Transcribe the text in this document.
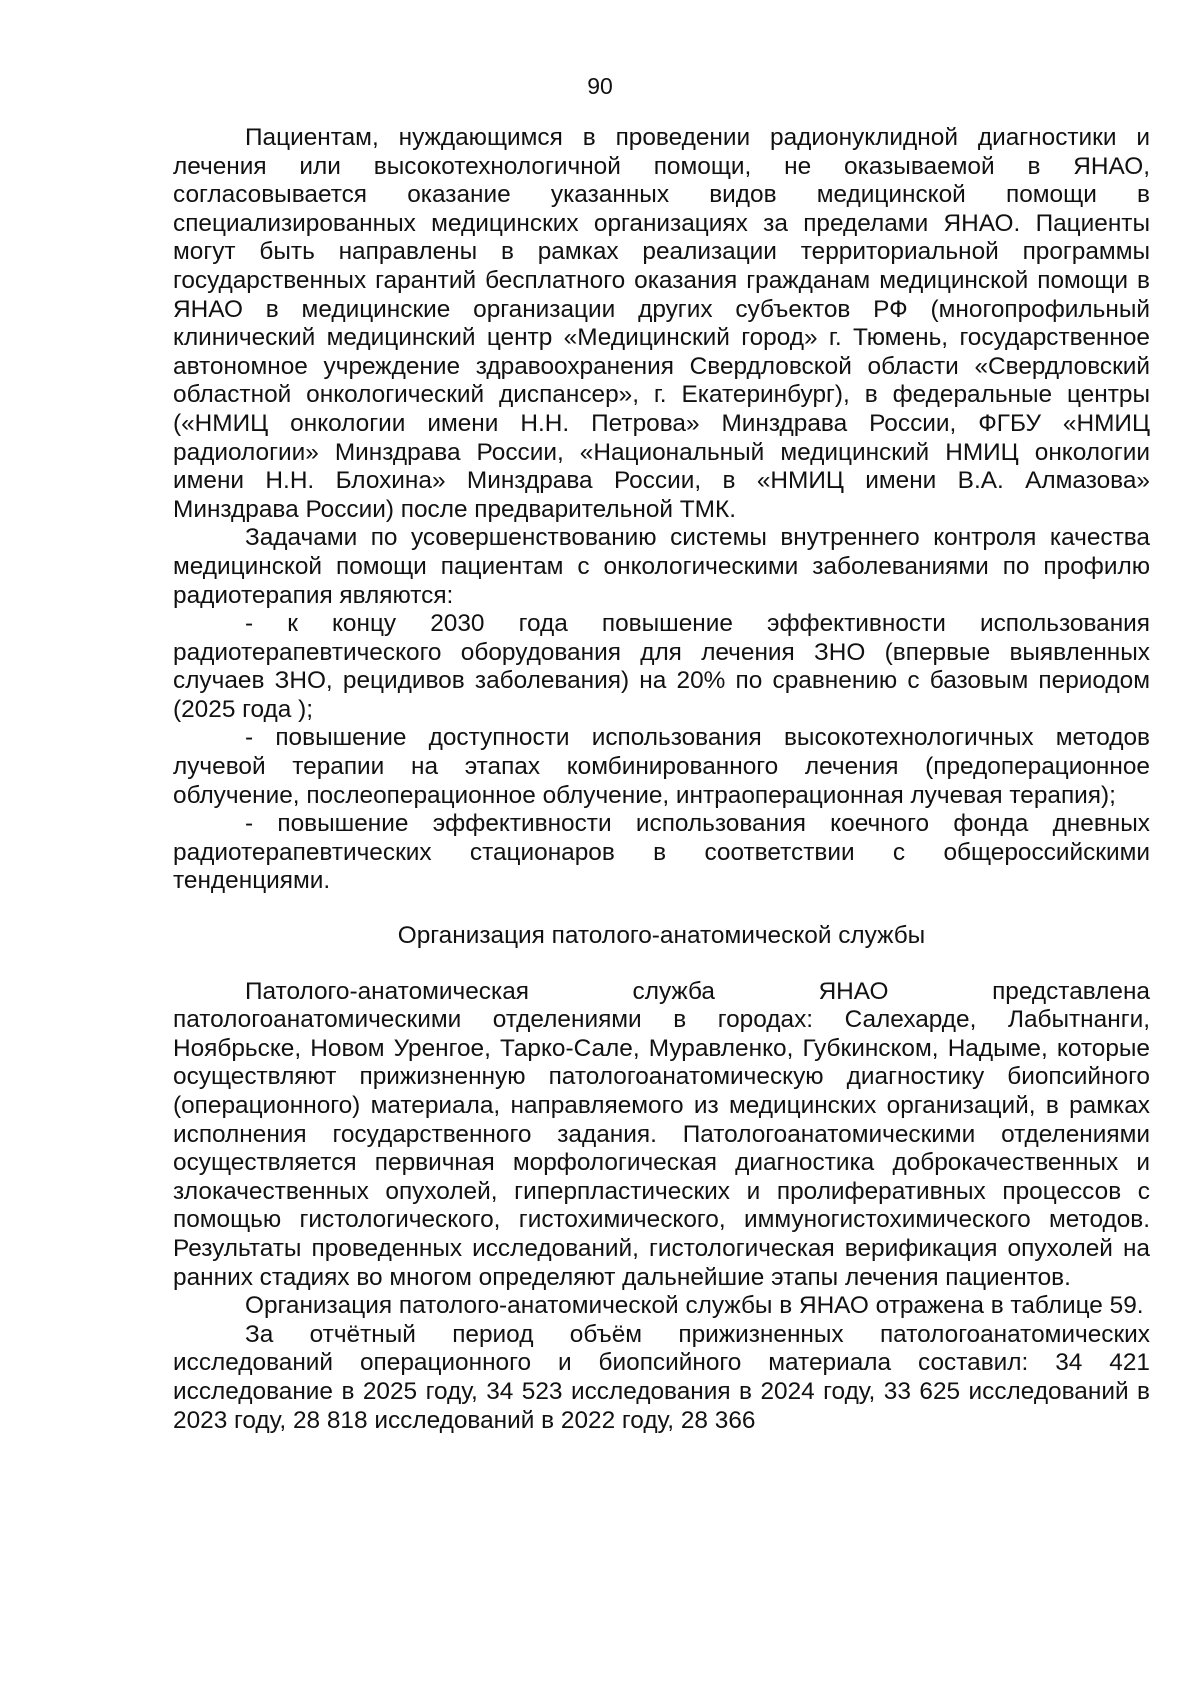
90

Пациентам, нуждающимся в проведении радионуклидной диагностики и лечения или высокотехнологичной помощи, не оказываемой в ЯНАО, согласовывается оказание указанных видов медицинской помощи в специализированных медицинских организациях за пределами ЯНАО. Пациенты могут быть направлены в рамках реализации территориальной программы государственных гарантий бесплатного оказания гражданам медицинской помощи в ЯНАО в медицинские организации других субъектов РФ (многопрофильный клинический медицинский центр «Медицинский город» г. Тюмень, государственное автономное учреждение здравоохранения Свердловской области «Свердловский областной онкологический диспансер», г. Екатеринбург), в федеральные центры («НМИЦ онкологии имени Н.Н. Петрова» Минздрава России, ФГБУ «НМИЦ радиологии» Минздрава России, «Национальный медицинский НМИЦ онкологии имени Н.Н. Блохина» Минздрава России, в «НМИЦ имени В.А. Алмазова» Минздрава России) после предварительной ТМК.

Задачами по усовершенствованию системы внутреннего контроля качества медицинской помощи пациентам с онкологическими заболеваниями по профилю радиотерапия являются:

- к концу 2030 года повышение эффективности использования радиотерапевтического оборудования для лечения ЗНО (впервые выявленных случаев ЗНО, рецидивов заболевания) на 20% по сравнению с базовым периодом (2025 года );

- повышение доступности использования высокотехнологичных методов лучевой терапии на этапах комбинированного лечения (предоперационное облучение, послеоперационное облучение, интраоперационная лучевая терапия);

- повышение эффективности использования коечного фонда дневных радиотерапевтических стационаров в соответствии с общероссийскими тенденциями.

Организация патолого-анатомической службы

Патолого-анатомическая служба ЯНАО представлена патологоанатомическими отделениями в городах: Салехарде, Лабытнанги, Ноябрьске, Новом Уренгое, Тарко-Сале, Муравленко, Губкинском, Надыме, которые осуществляют прижизненную патологоанатомическую диагностику биопсийного (операционного) материала, направляемого из медицинских организаций, в рамках исполнения государственного задания. Патологоанатомическими отделениями осуществляется первичная морфологическая диагностика доброкачественных и злокачественных опухолей, гиперпластических и пролиферативных процессов с помощью гистологического, гистохимического, иммуногистохимического методов. Результаты проведенных исследований, гистологическая верификация опухолей на ранних стадиях во многом определяют дальнейшие этапы лечения пациентов.

Организация патолого-анатомической службы в ЯНАО отражена в таблице 59.

За отчётный период объём прижизненных патологоанатомических исследований операционного и биопсийного материала составил: 34 421 исследование в 2025 году, 34 523 исследования в 2024 году, 33 625 исследований в 2023 году, 28 818 исследований в 2022 году, 28 366
